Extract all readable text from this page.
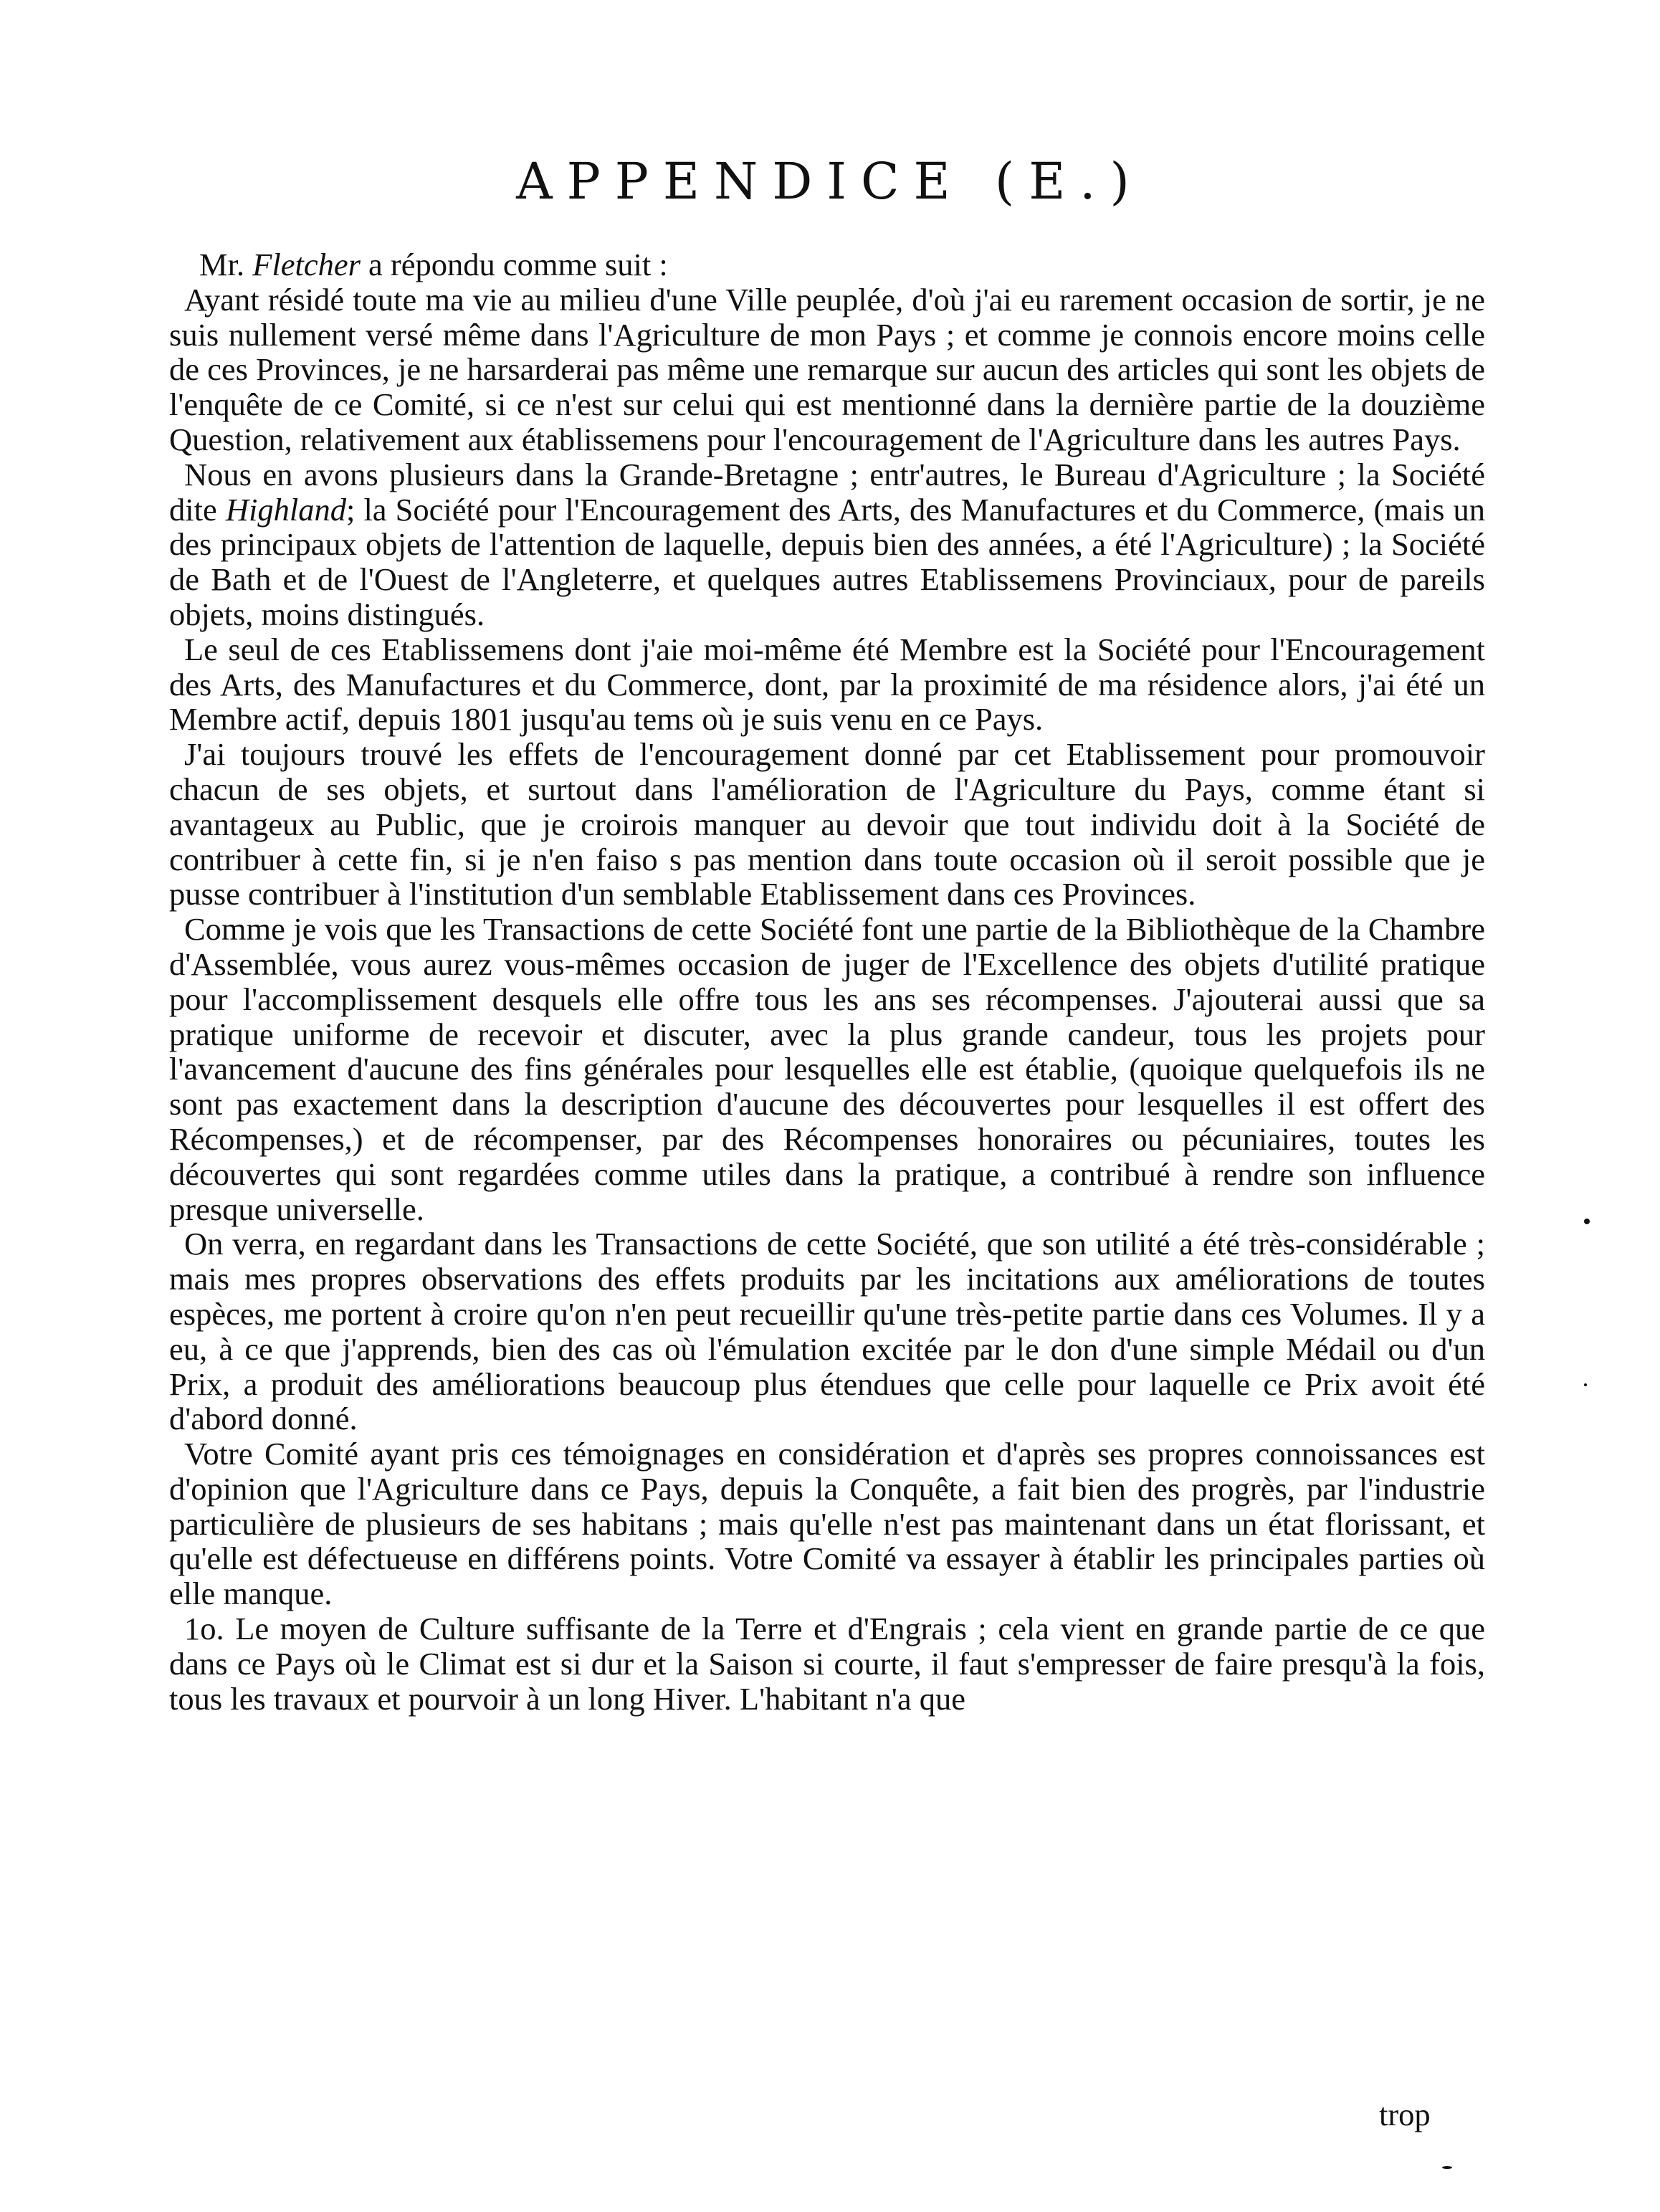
APPENDICE (E.)

Mr. Fletcher a répondu comme suit :

Ayant résidé toute ma vie au milieu d'une Ville peuplée, d'où j'ai eu rarement occasion de sortir, je ne suis nullement versé même dans l'Agriculture de mon Pays ; et comme je connois encore moins celle de ces Provinces, je ne harsarderai pas même une remarque sur aucun des articles qui sont les objets de l'enquête de ce Comité, si ce n'est sur celui qui est mentionné dans la dernière partie de la douzième Question, relativement aux établissemens pour l'encouragement de l'Agriculture dans les autres Pays.

Nous en avons plusieurs dans la Grande-Bretagne ; entr'autres, le Bureau d'Agriculture ; la Société dite Highland; la Société pour l'Encouragement des Arts, des Manufactures et du Commerce, (mais un des principaux objets de l'attention de laquelle, depuis bien des années, a été l'Agriculture) ; la Société de Bath et de l'Ouest de l'Angleterre, et quelques autres Etablissemens Provinciaux, pour de pareils objets, moins distingués.

Le seul de ces Etablissemens dont j'aie moi-même été Membre est la Société pour l'Encouragement des Arts, des Manufactures et du Commerce, dont, par la proximité de ma résidence alors, j'ai été un Membre actif, depuis 1801 jusqu'au tems où je suis venu en ce Pays.

J'ai toujours trouvé les effets de l'encouragement donné par cet Etablissement pour promouvoir chacun de ses objets, et surtout dans l'amélioration de l'Agriculture du Pays, comme étant si avantageux au Public, que je croirois manquer au devoir que tout individu doit à la Société de contribuer à cette fin, si je n'en faiso s pas mention dans toute occasion où il seroit possible que je pusse contribuer à l'institution d'un semblable Etablissement dans ces Provinces.

Comme je vois que les Transactions de cette Société font une partie de la Bibliothèque de la Chambre d'Assemblée, vous aurez vous-mêmes occasion de juger de l'Excellence des objets d'utilité pratique pour l'accomplissement desquels elle offre tous les ans ses récompenses. J'ajouterai aussi que sa pratique uniforme de recevoir et discuter, avec la plus grande candeur, tous les projets pour l'avancement d'aucune des fins générales pour lesquelles elle est établie, (quoique quelquefois ils ne sont pas exactement dans la description d'aucune des découvertes pour lesquelles il est offert des Récompenses,) et de récompenser, par des Récompenses honoraires ou pécuniaires, toutes les découvertes qui sont regardées comme utiles dans la pratique, a contribué à rendre son influence presque universelle.

On verra, en regardant dans les Transactions de cette Société, que son utilité a été très-considérable ; mais mes propres observations des effets produits par les incitations aux améliorations de toutes espèces, me portent à croire qu'on n'en peut recueillir qu'une très-petite partie dans ces Volumes. Il y a eu, à ce que j'apprends, bien des cas où l'émulation excitée par le don d'une simple Médail ou d'un Prix, a produit des améliorations beaucoup plus étendues que celle pour laquelle ce Prix avoit été d'abord donné.

Votre Comité ayant pris ces témoignages en considération et d'après ses propres connoissances est d'opinion que l'Agriculture dans ce Pays, depuis la Conquête, a fait bien des progrès, par l'industrie particulière de plusieurs de ses habitans ; mais qu'elle n'est pas maintenant dans un état florissant, et qu'elle est défectueuse en différens points. Votre Comité va essayer à établir les principales parties où elle manque.

1o. Le moyen de Culture suffisante de la Terre et d'Engrais ; cela vient en grande partie de ce que dans ce Pays où le Climat est si dur et la Saison si courte, il faut s'empresser de faire presqu'à la fois, tous les travaux et pourvoir à un long Hiver. L'habitant n'a que

trop
